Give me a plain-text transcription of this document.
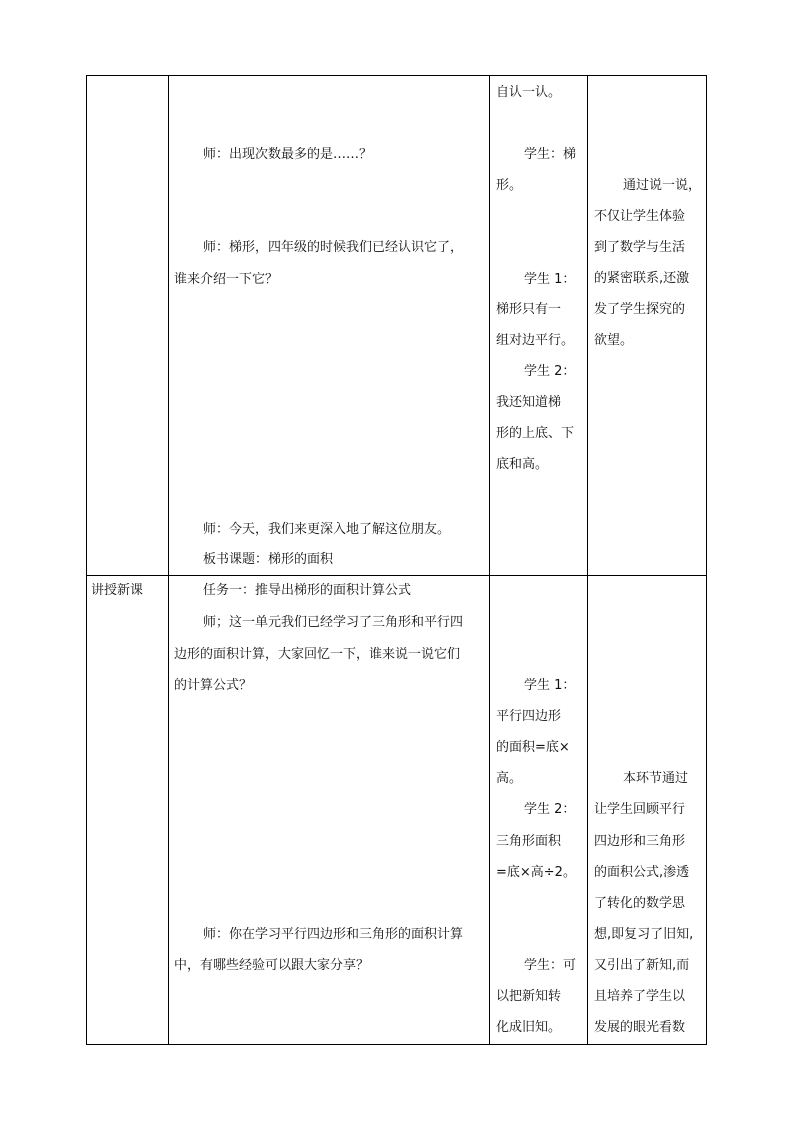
师：出现次数最多的是……？
师：梯形，四年级的时候我们已经认识它了，
谁来介绍一下它？
师：今天，我们来更深入地了解这位朋友。
板书课题：梯形的面积
自认一认。
学生：梯
形。
学生 1：
梯形只有一
组对边平行。
学生 2：
我还知道梯
形的上底、下
底和高。
通过说一说，
不仅让学生体验
到了数学与生活
的紧密联系,还激
发了学生探究的
欲望。
讲授新课	任务一：推导出梯形的面积计算公式
师；这一单元我们已经学习了三角形和平行四
边形的面积计算，大家回忆一下，谁来说一说它们
的计算公式？
师：你在学习平行四边形和三角形的面积计算
中，有哪些经验可以跟大家分享？
学生 1：
平行四边形
的面积=底×
高。
学生 2：
三角形面积
=底×高÷2。
学生：可
以把新知转
化成旧知。
本环节通过
让学生回顾平行
四边形和三角形
的面积公式,渗透
了转化的数学思
想,即复习了旧知,
又引出了新知,而
且培养了学生以
发展的眼光看数
